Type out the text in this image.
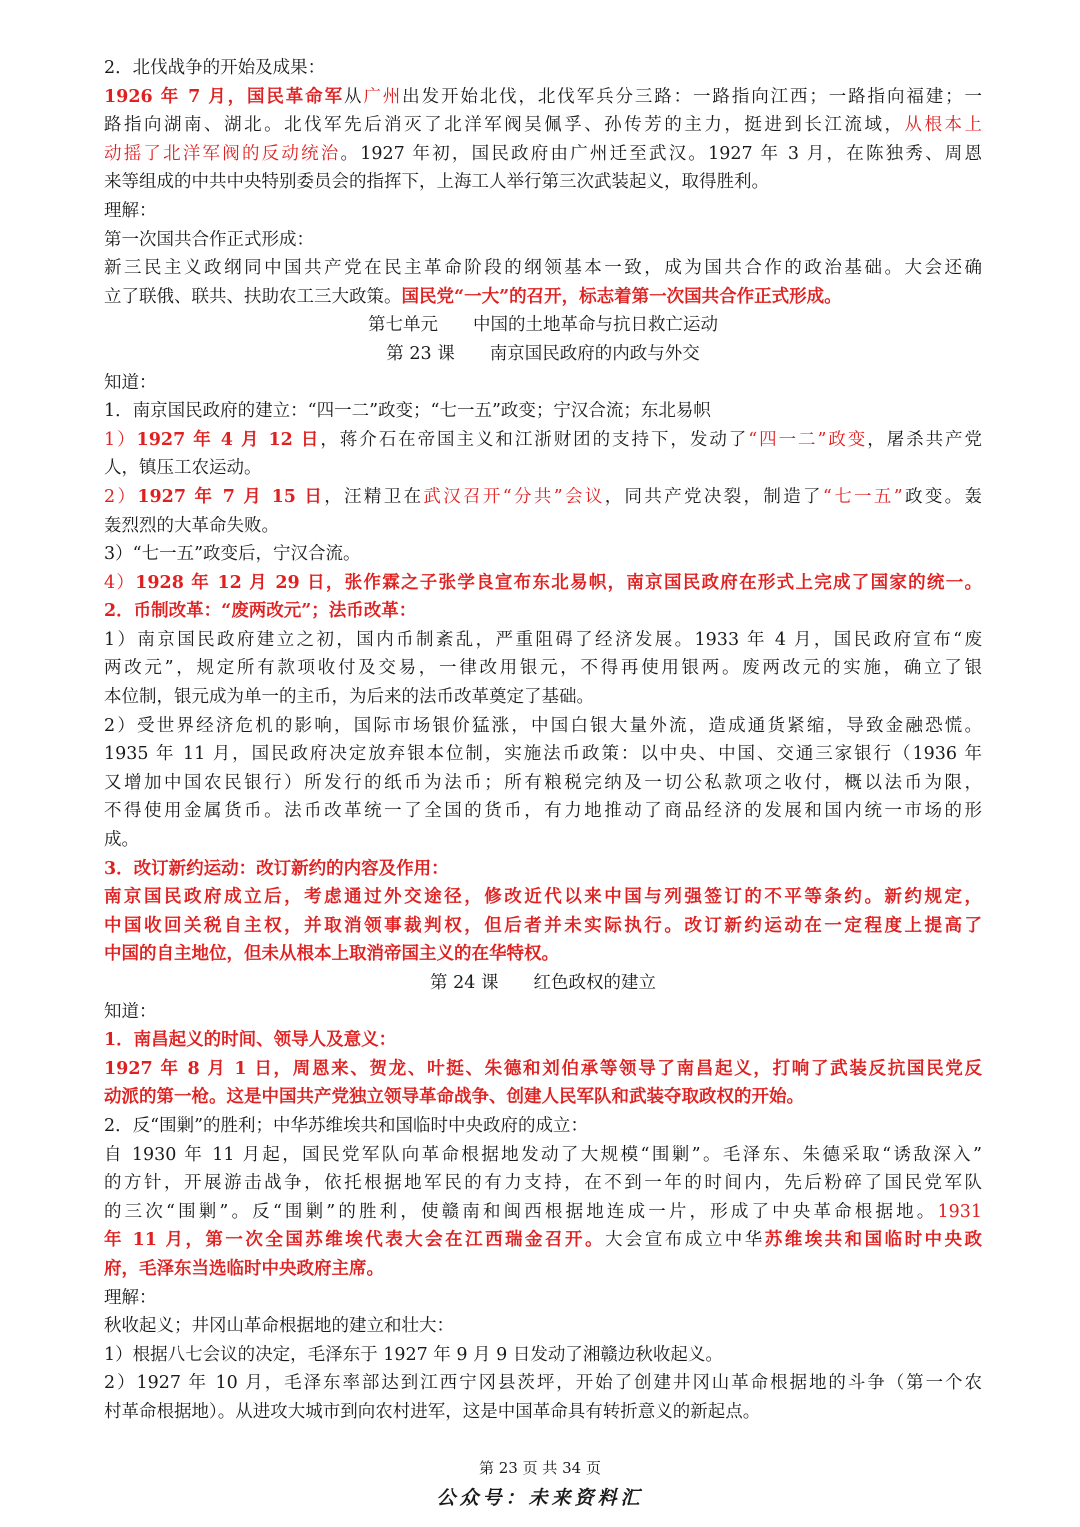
2．北伐战争的开始及成果：
1926 年 7 月，国民革命军从广州出发开始北伐，北伐军兵分三路：一路指向江西；一路指向福建；一
路指向湖南、湖北。北伐军先后消灭了北洋军阀吴佩孚、孙传芳的主力，挺进到长江流域，从根本上
动摇了北洋军阀的反动统治。1927 年初，国民政府由广州迁至武汉。1927 年 3 月，在陈独秀、周恩
来等组成的中共中央特别委员会的指挥下，上海工人举行第三次武装起义，取得胜利。
理解：
第一次国共合作正式形成：
新三民主义政纲同中国共产党在民主革命阶段的纲领基本一致，成为国共合作的政治基础。大会还确
立了联俄、联共、扶助农工三大政策。国民党“一大”的召开，标志着第一次国共合作正式形成。
第七单元　　中国的土地革命与抗日救亡运动
第 23 课　　南京国民政府的内政与外交
知道：
1．南京国民政府的建立：“四一二”政变；“七一五”政变；宁汉合流；东北易帜
1）1927 年 4 月 12 日，蒋介石在帝国主义和江浙财团的支持下，发动了“四一二”政变，屠杀共产党
人，镇压工农运动。
2）1927 年 7 月 15 日，汪精卫在武汉召开“分共”会议，同共产党决裂，制造了“七一五”政变。轰
轰烈烈的大革命失败。
3）“七一五”政变后，宁汉合流。
4）1928 年 12 月 29 日，张作霖之子张学良宣布东北易帜，南京国民政府在形式上完成了国家的统一。
2．币制改革：“废两改元”；法币改革：
1）南京国民政府建立之初，国内币制紊乱，严重阻碍了经济发展。1933 年 4 月，国民政府宣布“废
两改元”，规定所有款项收付及交易，一律改用银元，不得再使用银两。废两改元的实施，确立了银
本位制，银元成为单一的主币，为后来的法币改革奠定了基础。
2）受世界经济危机的影响，国际市场银价猛涨，中国白银大量外流，造成通货紧缩，导致金融恐慌。
1935 年 11 月，国民政府决定放弃银本位制，实施法币政策：以中央、中国、交通三家银行（1936 年
又增加中国农民银行）所发行的纸币为法币；所有粮税完纳及一切公私款项之收付，概以法币为限，
不得使用金属货币。法币改革统一了全国的货币，有力地推动了商品经济的发展和国内统一市场的形
成。
3．改订新约运动：改订新约的内容及作用：
南京国民政府成立后，考虑通过外交途径，修改近代以来中国与列强签订的不平等条约。新约规定，
中国收回关税自主权，并取消领事裁判权，但后者并未实际执行。改订新约运动在一定程度上提高了
中国的自主地位，但未从根本上取消帝国主义的在华特权。
第 24 课　　红色政权的建立
知道：
1．南昌起义的时间、领导人及意义：
1927 年 8 月 1 日，周恩来、贺龙、叶挺、朱德和刘伯承等领导了南昌起义，打响了武装反抗国民党反
动派的第一枪。这是中国共产党独立领导革命战争、创建人民军队和武装夺取政权的开始。
2．反“围剿”的胜利；中华苏维埃共和国临时中央政府的成立：
自 1930 年 11 月起，国民党军队向革命根据地发动了大规模“围剿”。毛泽东、朱德采取“诱敌深入”
的方针，开展游击战争，依托根据地军民的有力支持，在不到一年的时间内，先后粉碎了国民党军队
的三次“围剿”。反“围剿”的胜利，使赣南和闽西根据地连成一片，形成了中央革命根据地。1931
年 11 月，第一次全国苏维埃代表大会在江西瑞金召开。大会宣布成立中华苏维埃共和国临时中央政
府，毛泽东当选临时中央政府主席。
理解：
秋收起义；井冈山革命根据地的建立和壮大：
1）根据八七会议的决定，毛泽东于 1927 年 9 月 9 日发动了湘赣边秋收起义。
2）1927 年 10 月，毛泽东率部达到江西宁冈县茨坪，开始了创建井冈山革命根据地的斗争（第一个农
村革命根据地）。从进攻大城市到向农村进军，这是中国革命具有转折意义的新起点。
第 23 页 共 34 页
公众号：未来资料汇
